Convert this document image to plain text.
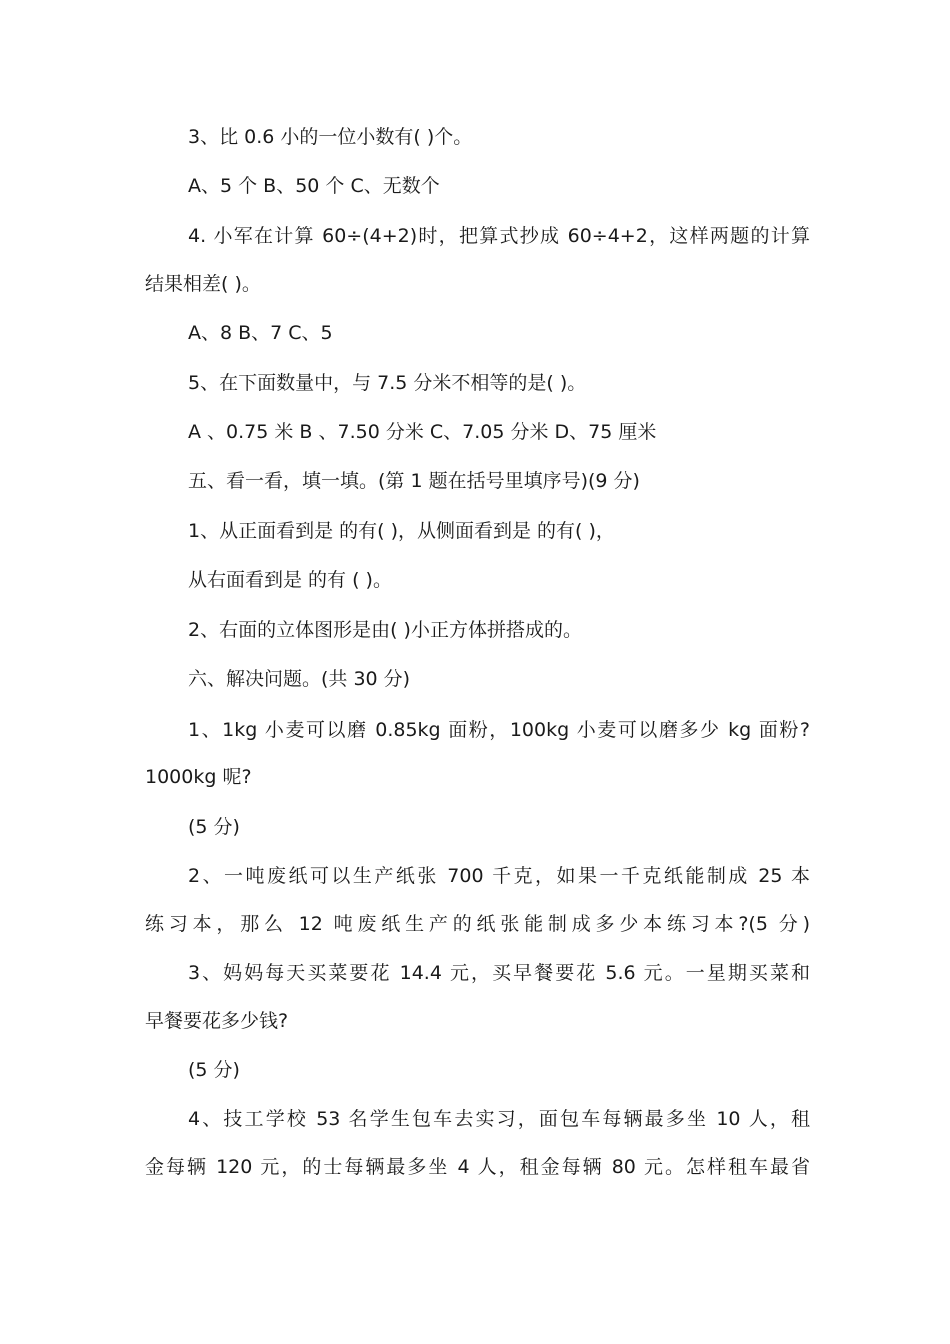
3、比 0.6 小的一位小数有( )个。
A、5 个 B、50 个 C、无数个
4. 小军在计算 60÷(4+2)时，把算式抄成 60÷4+2，这样两题的计算
结果相差( )。
A、8 B、7 C、5
5、在下面数量中，与 7.5 分米不相等的是( )。
A 、0.75 米 B 、7.50 分米 C、7.05 分米 D、75 厘米
五、看一看，填一填。(第 1 题在括号里填序号)(9 分)
1、从正面看到是 的有( )，从侧面看到是 的有( )，
从右面看到是 的有 ( )。
2、右面的立体图形是由( )小正方体拼搭成的。
六、解决问题。(共 30 分)
1、1kg 小麦可以磨 0.85kg 面粉，100kg 小麦可以磨多少 kg 面粉?
1000kg 呢?
(5 分)
2、一吨废纸可以生产纸张 700 千克，如果一千克纸能制成 25 本
练习本，那么 12 吨废纸生产的纸张能制成多少本练习本?(5 分)
3、妈妈每天买菜要花 14.4 元，买早餐要花 5.6 元。一星期买菜和
早餐要花多少钱?
(5 分)
4、技工学校 53 名学生包车去实习，面包车每辆最多坐 10 人，租
金每辆 120 元，的士每辆最多坐 4 人，租金每辆 80 元。怎样租车最省
